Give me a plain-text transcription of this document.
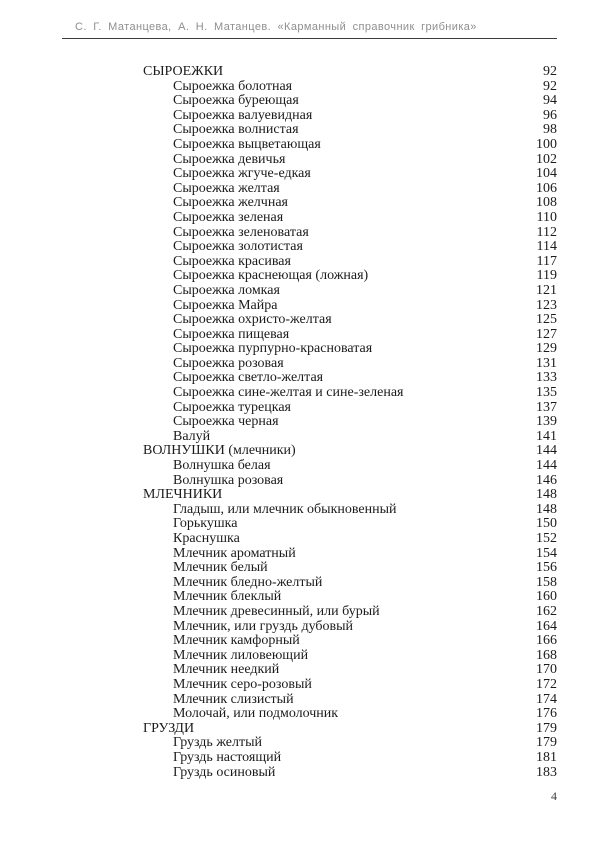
С. Г. Матанцева, А. Н. Матанцев. «Карманный справочник грибника»
СЫРОЕЖКИ	92
Сыроежка болотная	92
Сыроежка буреющая	94
Сыроежка валуевидная	96
Сыроежка волнистая	98
Сыроежка выцветающая	100
Сыроежка девичья	102
Сыроежка жгуче-едкая	104
Сыроежка желтая	106
Сыроежка желчная	108
Сыроежка зеленая	110
Сыроежка зеленоватая	112
Сыроежка золотистая	114
Сыроежка красивая	117
Сыроежка краснеющая (ложная)	119
Сыроежка ломкая	121
Сыроежка Майра	123
Сыроежка охристо-желтая	125
Сыроежка пищевая	127
Сыроежка пурпурно-красноватая	129
Сыроежка розовая	131
Сыроежка светло-желтая	133
Сыроежка сине-желтая и сине-зеленая	135
Сыроежка турецкая	137
Сыроежка черная	139
Валуй	141
ВОЛНУШКИ (млечники)	144
Волнушка белая	144
Волнушка розовая	146
МЛЕЧНИКИ	148
Гладыш, или млечник обыкновенный	148
Горькушка	150
Краснушка	152
Млечник ароматный	154
Млечник белый	156
Млечник бледно-желтый	158
Млечник блеклый	160
Млечник древесинный, или бурый	162
Млечник, или груздь дубовый	164
Млечник камфорный	166
Млечник лиловеющий	168
Млечник неедкий	170
Млечник серо-розовый	172
Млечник слизистый	174
Молочай, или подмолочник	176
ГРУЗДИ	179
Груздь желтый	179
Груздь настоящий	181
Груздь осиновый	183
4
